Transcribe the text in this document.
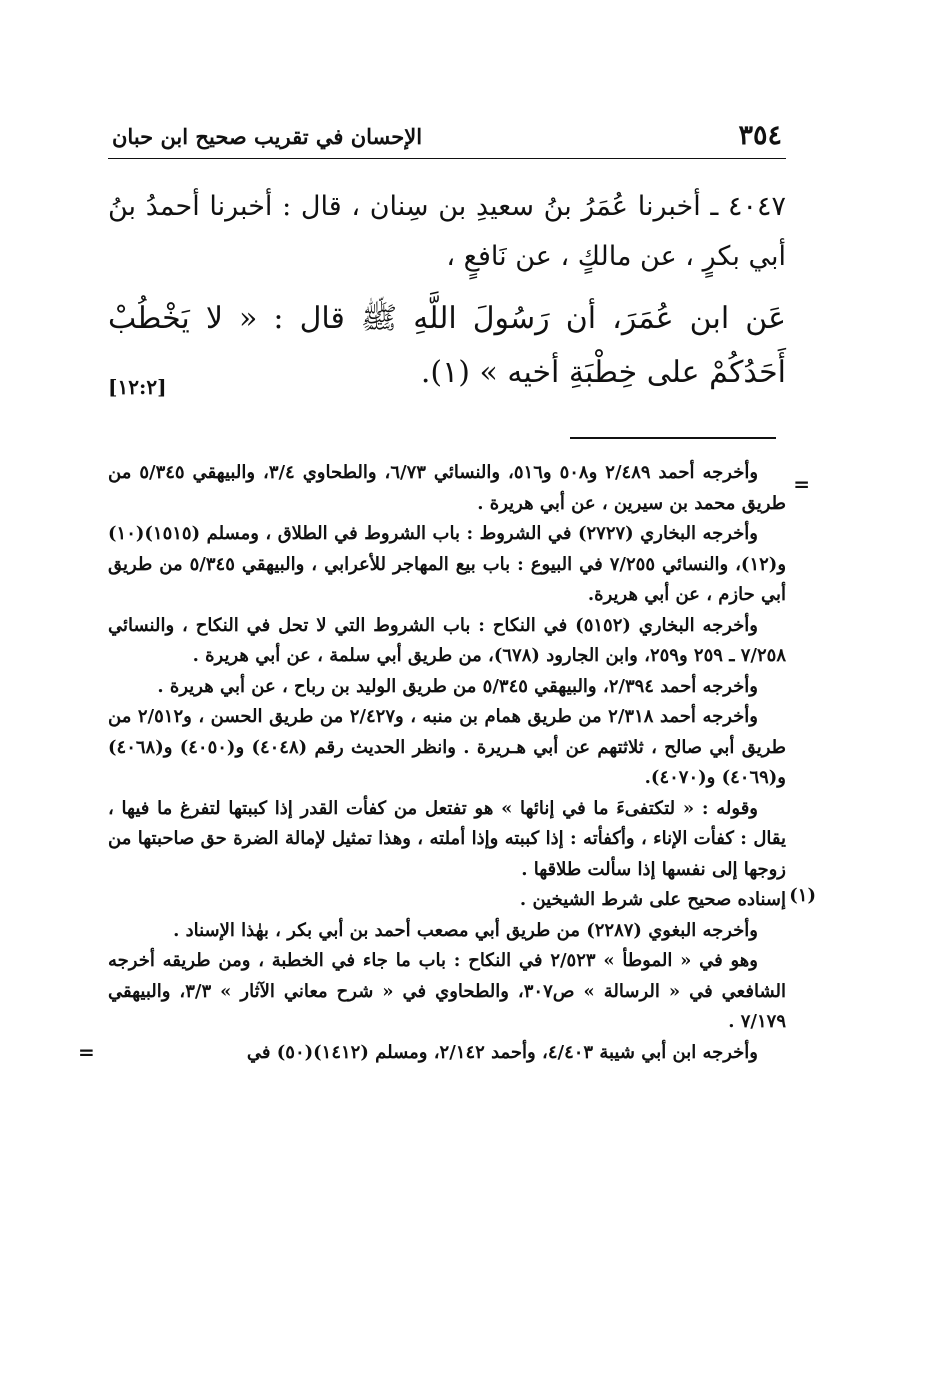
٣٥٤
الإحسان في تقريب صحيح ابن حبان

٤٠٤٧ ـ أخبرنا عُمَرُ بنُ سعيدِ بن سِنان ، قال : أخبرنا أحمدُ بنُ أبي بكرٍ ، عن مالكٍ ، عن نَافعٍ ،

عَن ابن عُمَرَ، أن رَسُولَ اللَّهِ ﷺ قال : « لا يَخْطُبْ أَحَدُكُمْ على خِطْبَةِ أخيه » (١).
[١٢:٢]

=

وأخرجه أحمد ٢/٤٨٩ و٥٠٨ و٥١٦، والنسائي ٦/٧٣، والطحاوي ٣/٤، والبيهقي ٥/٣٤٥ من طريق محمد بن سيرين ، عن أبي هريرة .

وأخرجه البخاري (٢٧٢٧) في الشروط : باب الشروط في الطلاق ، ومسلم (١٥١٥)(١٠) و(١٢)، والنسائي ٧/٢٥٥ في البيوع : باب بيع المهاجر للأعرابي ، والبيهقي ٥/٣٤٥ من طريق أبي حازم ، عن أبي هريرة.

وأخرجه البخاري (٥١٥٢) في النكاح : باب الشروط التي لا تحل في النكاح ، والنسائي ٧/٢٥٨ ـ ٢٥٩ و٢٥٩، وابن الجارود (٦٧٨)، من طريق أبي سلمة ، عن أبي هريرة .

وأخرجه أحمد ٢/٣٩٤، والبيهقي ٥/٣٤٥ من طريق الوليد بن رباح ، عن أبي هريرة .

وأخرجه أحمد ٢/٣١٨ من طريق همام بن منبه ، و٢/٤٢٧ من طريق الحسن ، و٢/٥١٢ من طريق أبي صالح ، ثلاثتهم عن أبي هـريرة . وانظر الحديث رقم (٤٠٤٨) و(٤٠٥٠) و(٤٠٦٨) و(٤٠٦٩) و(٤٠٧٠).

وقوله : « لتكتفىءَ ما في إنائها » هو تفتعل من كفأت القدر إذا كببتها لتفرغ ما فيها ، يقال : كفأت الإناء ، وأكفأته : إذا كببته وإذا أملته ، وهذا تمثيل لإمالة الضرة حق صاحبتها من زوجها إلى نفسها إذا سألت طلاقها .

(١)

إسناده صحيح على شرط الشيخين .

وأخرجه البغوي (٢٢٨٧) من طريق أبي مصعب أحمد بن أبي بكر ، بهٰذا الإسناد .

وهو في « الموطأ » ٢/٥٢٣ في النكاح : باب ما جاء في الخطبة ، ومن طريقه أخرجه الشافعي في « الرسالة » ص٣٠٧، والطحاوي في « شرح معاني الآثار » ٣/٣، والبيهقي ٧/١٧٩ .

وأخرجه ابن أبي شيبة ٤/٤٠٣، وأحمد ٢/١٤٢، ومسلم (١٤١٢)(٥٠) في

=
